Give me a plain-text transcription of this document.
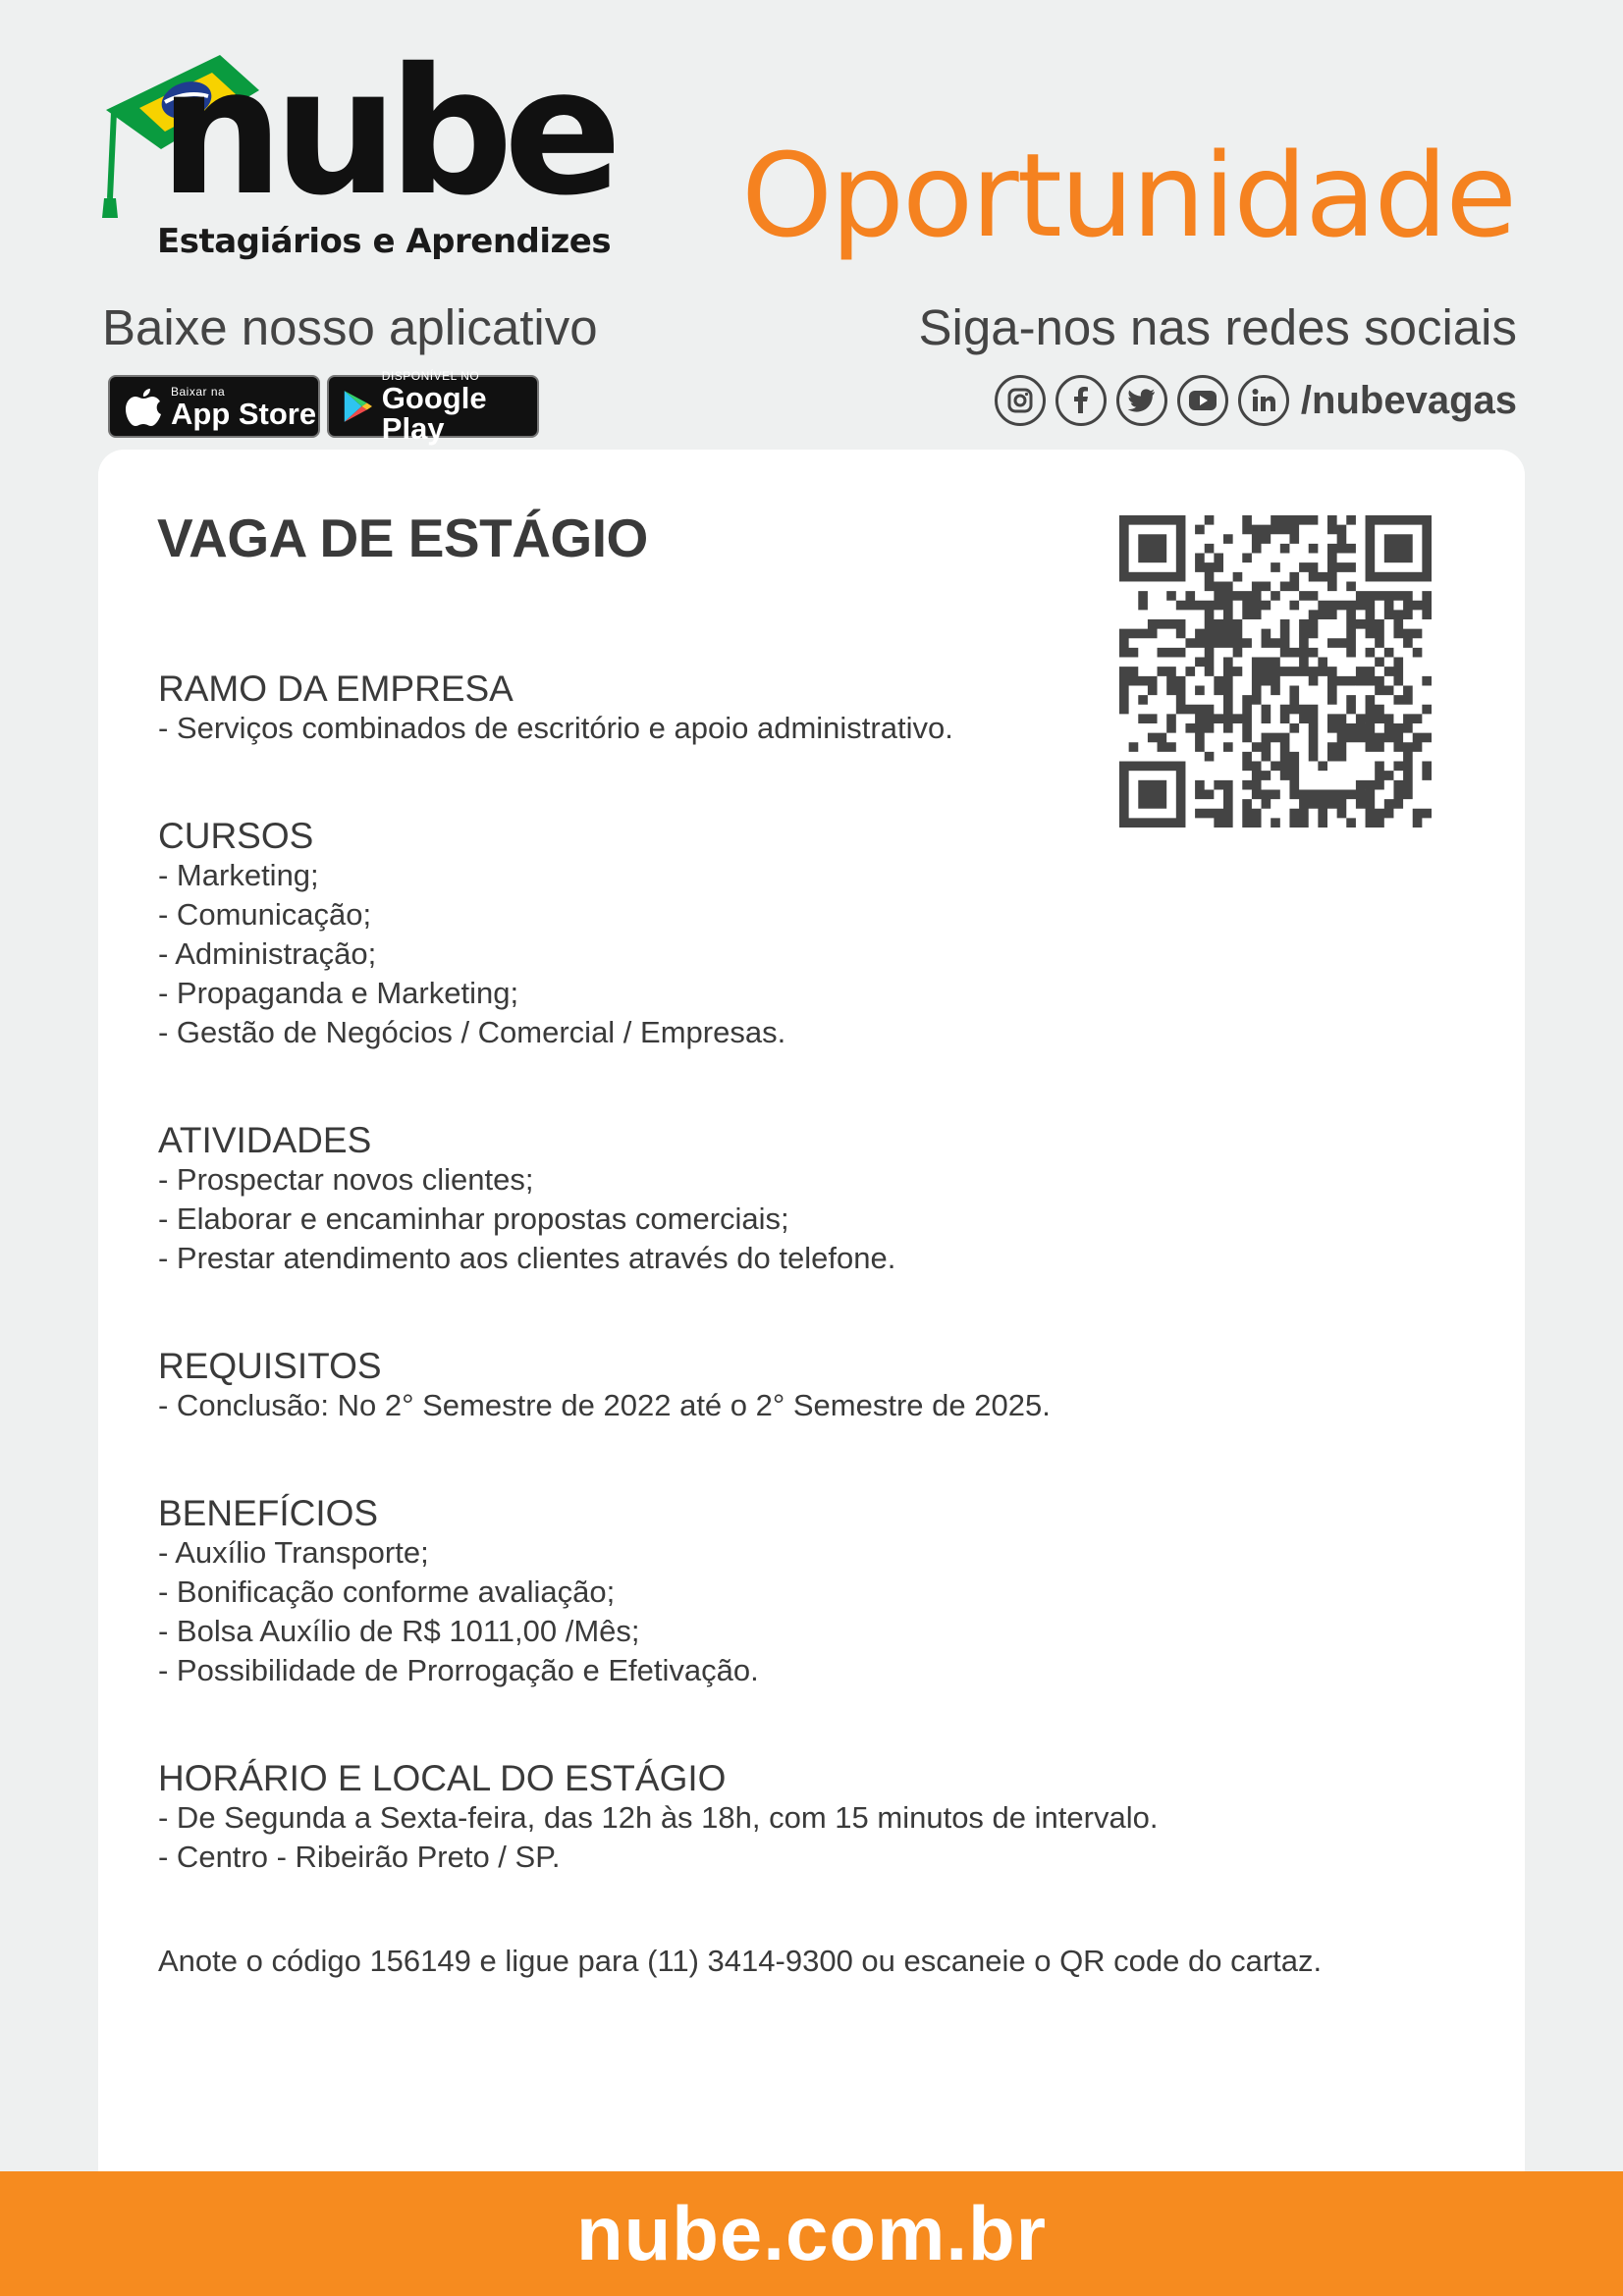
nube
Estagiários e Aprendizes Oportunidade
Baixe nosso aplicativo	Siga-nos nas redes sociais
Baixar na
App Store
DISPONÍVEL NO
Google Play
/nubevagas
VAGA DE ESTÁGIO
RAMO DA EMPRESA
- Serviços combinados de escritório e apoio administrativo.
CURSOS
- Marketing;
- Comunicação;
- Administração;
- Propaganda e Marketing;
- Gestão de Negócios / Comercial / Empresas.
ATIVIDADES
- Prospectar novos clientes;
- Elaborar e encaminhar propostas comerciais;
- Prestar atendimento aos clientes através do telefone.
REQUISITOS
- Conclusão: No 2° Semestre de 2022 até o 2° Semestre de 2025.
BENEFÍCIOS
- Auxílio Transporte;
- Bonificação conforme avaliação;
- Bolsa Auxílio de R$ 1011,00 /Mês;
- Possibilidade de Prorrogação e Efetivação.
HORÁRIO E LOCAL DO ESTÁGIO
- De Segunda a Sexta-feira, das 12h às 18h, com 15 minutos de intervalo.
- Centro - Ribeirão Preto / SP.
Anote o código 156149 e ligue para (11) 3414-9300 ou escaneie o QR code do cartaz.
nube.com.br
